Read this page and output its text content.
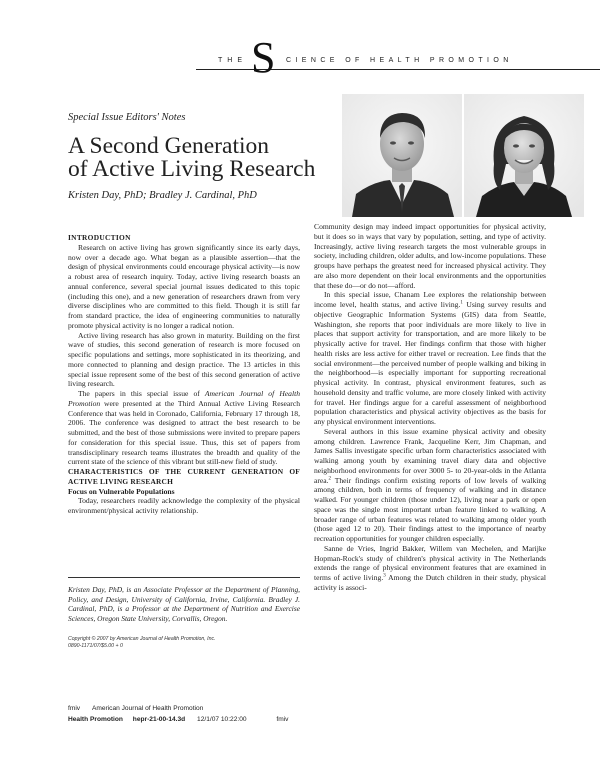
THE S CIENCE OF HEALTH PROMOTION
Special Issue Editors' Notes
A Second Generation
of Active Living Research
Kristen Day, PhD; Bradley J. Cardinal, PhD

INTRODUCTION

Research on active living has grown significantly since its early days, now over a decade ago. What began as a plausible assertion—that the design of physical environments could encourage physical activity—is now a robust area of research inquiry. Today, active living research boasts an annual conference, several special journal issues dedicated to this topic (including this one), and a new generation of researchers drawn from very diverse disciplines who are committed to this field. Though it is still far from standard practice, the idea of engineering communities to naturally promote physical activity is no longer a radical notion.

Active living research has also grown in maturity. Building on the first wave of studies, this second generation of research is more focused on specific populations and settings, more sophisticated in its theorizing, and more connected to planning and design practice. The 13 articles in this special issue represent some of the best of this second generation of active living research.

The papers in this special issue of American Journal of Health Promotion were presented at the Third Annual Active Living Research Conference that was held in Coronado, California, February 17 through 18, 2006. The conference was designed to attract the best research to be submitted, and the best of those submissions were invited to prepare papers for consideration for this special issue. Thus, this set of papers from transdisciplinary research teams illustrates the breadth and quality of the current state of the science of this vibrant but still-new field of study.

CHARACTERISTICS OF THE CURRENT GENERATION OF ACTIVE LIVING RESEARCH

Focus on Vulnerable Populations

Today, researchers readily acknowledge the complexity of the physical environment/physical activity relationship.

Kristen Day, PhD, is an Associate Professor at the Department of Planning, Policy, and Design, University of California, Irvine, California. Bradley J. Cardinal, PhD, is a Professor at the Department of Nutrition and Exercise Sciences, Oregon State University, Corvallis, Oregon.
Copyright © 2007 by American Journal of Health Promotion, Inc.
0890-1171/07/$5.00 + 0

Community design may indeed impact opportunities for physical activity, but it does so in ways that vary by population, setting, and type of activity. Increasingly, active living research targets the most vulnerable groups in society, including children, older adults, and low-income populations. These groups have perhaps the greatest need for increased physical activity. They are also more dependent on their local environments and the opportunities that these do—or do not—afford.

In this special issue, Chanam Lee explores the relationship between income level, health status, and active living.$^1$ Using survey results and objective Geographic Information Systems (GIS) data from Seattle, Washington, she reports that poor individuals are more likely to live in places that support activity for transportation, and are more likely to be physically active for travel. Her findings confirm that those with higher health risks are less active for either travel or recreation. Lee finds that the social environment—the perceived number of people walking and biking in the neighborhood—is especially important for supporting recreational physical activity. In contrast, physical environment features, such as household density and traffic volume, are more closely linked with activity for travel. Her findings argue for a careful assessment of neighborhood population characteristics and physical activity objectives as the basis for any physical environment interventions.

Several authors in this issue examine physical activity and obesity among children. Lawrence Frank, Jacqueline Kerr, Jim Chapman, and James Sallis investigate specific urban form characteristics associated with walking among youth by examining travel diary data and objective neighborhood environments for over 3000 5- to 20-year-olds in the Atlanta area.$^2$ Their findings confirm existing reports of low levels of walking among children, both in terms of frequency of walking and in distance walked. For younger children (those under 12), living near a park or open space was the single most important urban feature linked to walking. A broader range of urban features was related to walking among older youth (those aged 12 to 20). Their findings attest to the importance of nearby recreation opportunities for younger children especially.

Sanne de Vries, Ingrid Bakker, Willem van Mechelen, and Marijke Hopman-Rock's study of children's physical activity in The Netherlands extends the range of physical environment features that are examined in terms of active living.$^3$ Among the Dutch children in their study, physical activity is associ-

fmiv American Journal of Health Promotion
Health Promotion hepr-21-00-14.3d 12/1/07 10:22:00	fmiv
